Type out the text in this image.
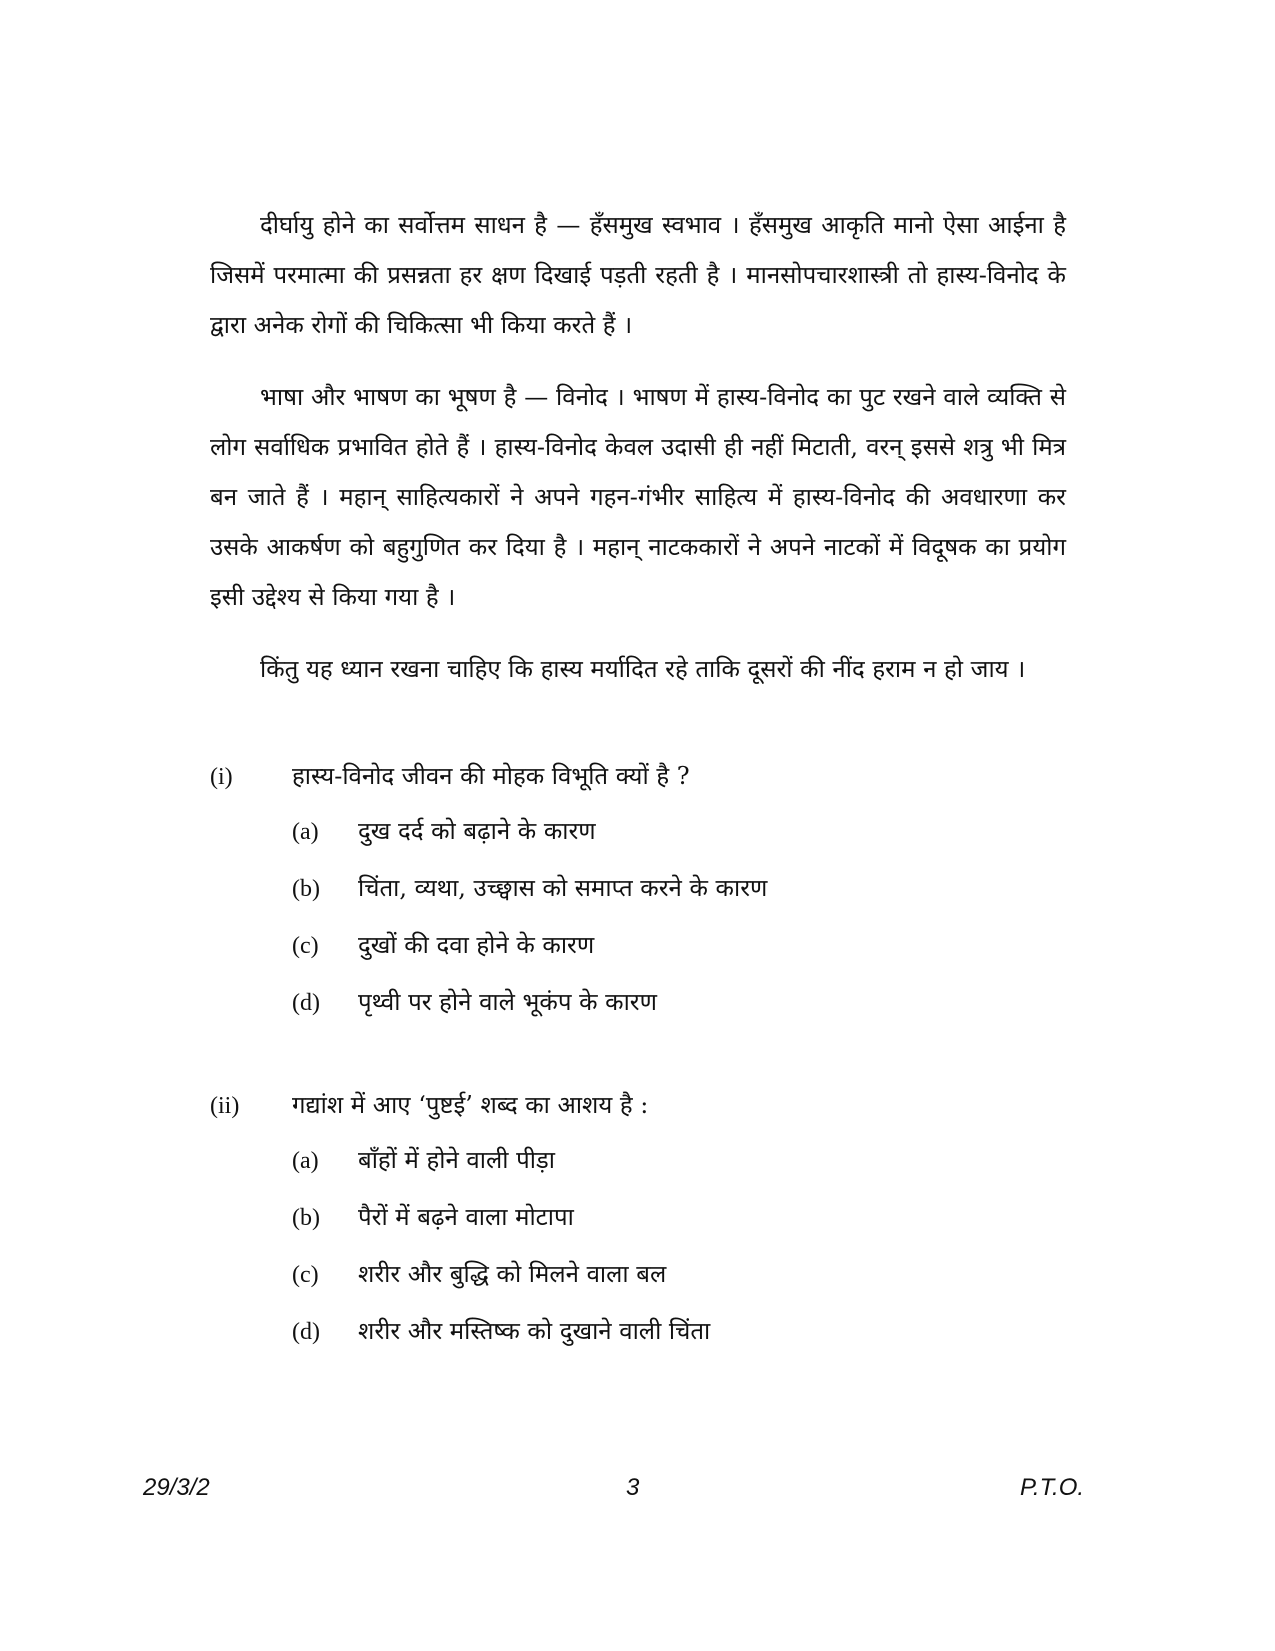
दीर्घायु होने का सर्वोत्तम साधन है — हँसमुख स्वभाव । हँसमुख आकृति मानो ऐसा आईना है जिसमें परमात्मा की प्रसन्नता हर क्षण दिखाई पड़ती रहती है । मानसोपचारशास्त्री तो हास्य-विनोद के द्वारा अनेक रोगों की चिकित्सा भी किया करते हैं ।

भाषा और भाषण का भूषण है — विनोद । भाषण में हास्य-विनोद का पुट रखने वाले व्यक्ति से लोग सर्वाधिक प्रभावित होते हैं । हास्य-विनोद केवल उदासी ही नहीं मिटाती, वरन् इससे शत्रु भी मित्र बन जाते हैं । महान् साहित्यकारों ने अपने गहन-गंभीर साहित्य में हास्य-विनोद की अवधारणा कर उसके आकर्षण को बहुगुणित कर दिया है । महान् नाटककारों ने अपने नाटकों में विदूषक का प्रयोग इसी उद्देश्य से किया गया है ।

किंतु यह ध्यान रखना चाहिए कि हास्य मर्यादित रहे ताकि दूसरों की नींद हराम न हो जाय ।

(i)	हास्य-विनोद जीवन की मोहक विभूति क्यों है ?
(a)	दुख दर्द को बढ़ाने के कारण
(b)	चिंता, व्यथा, उच्छ्वास को समाप्त करने के कारण
(c)	दुखों की दवा होने के कारण
(d)	पृथ्वी पर होने वाले भूकंप के कारण
(ii)	गद्यांश में आए ‘पुष्टई’ शब्द का आशय है :
(a)	बाँहों में होने वाली पीड़ा
(b)	पैरों में बढ़ने वाला मोटापा
(c)	शरीर और बुद्धि को मिलने वाला बल
(d)	शरीर और मस्तिष्क को दुखाने वाली चिंता
29/3/2	3	P.T.O.
